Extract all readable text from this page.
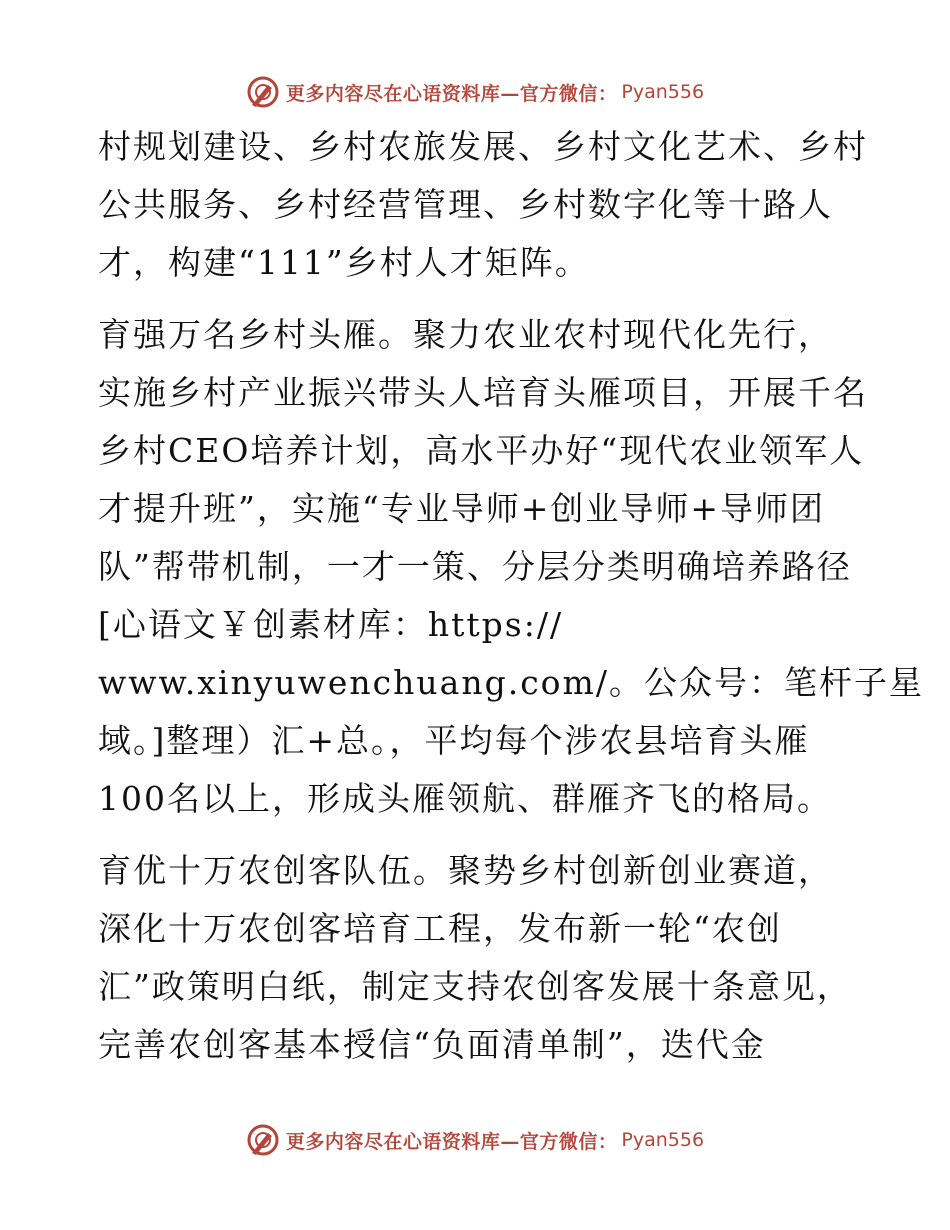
更多内容尽在心语资料库—官方微信： Pyan556
村规划建设、乡村农旅发展、乡村文化艺术、乡村
公共服务、乡村经营管理、乡村数字化等十路人
才，构建“111”乡村人才矩阵。
育强万名乡村头雁。聚力农业农村现代化先行，
实施乡村产业振兴带头人培育头雁项目，开展千名
乡村CEO培养计划，高水平办好“现代农业领军人
才提升班”，实施“专业导师+创业导师+导师团
队”帮带机制，一才一策、分层分类明确培养路径
[心语文￥创素材库：https://
www.xinyuwenchuang.com/。公众号：笔杆子星
域。]整理）汇+总。，平均每个涉农县培育头雁
100名以上，形成头雁领航、群雁齐飞的格局。
育优十万农创客队伍。聚势乡村创新创业赛道，
深化十万农创客培育工程，发布新一轮“农创
汇”政策明白纸，制定支持农创客发展十条意见，
完善农创客基本授信“负面清单制”，迭代金
更多内容尽在心语资料库—官方微信： Pyan556
